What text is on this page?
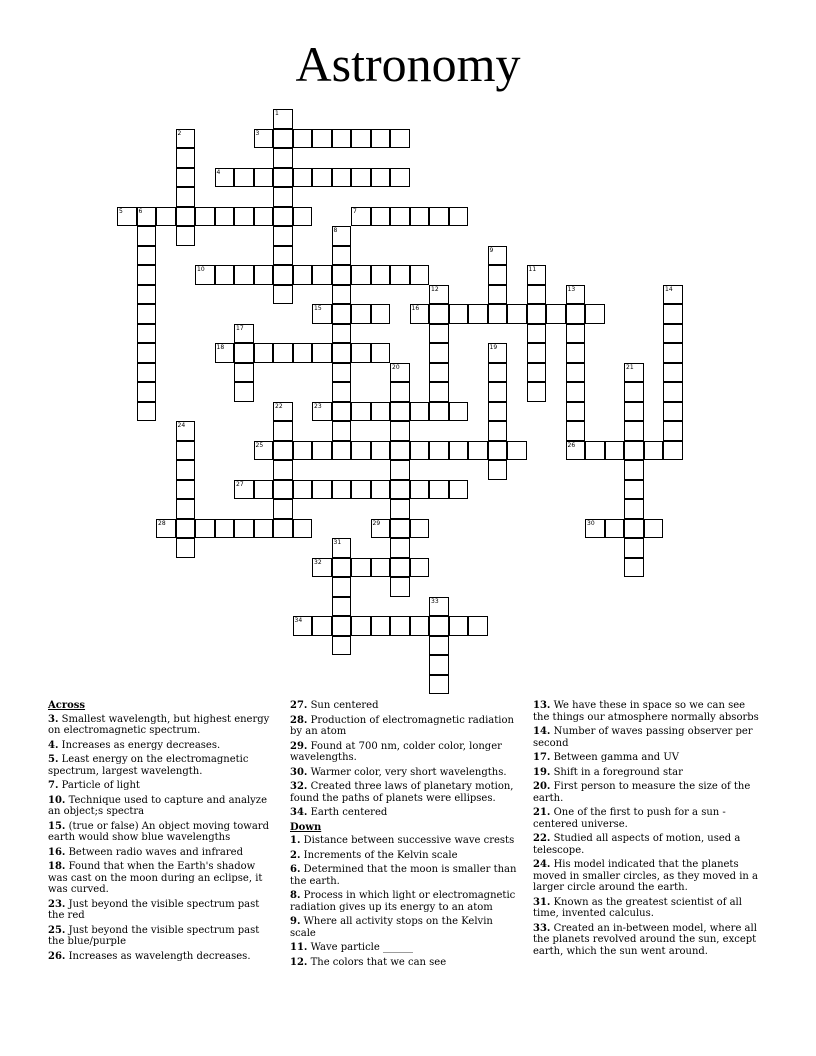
Astronomy
1
2	3
4
5	6	7
8
9
10	11
12	13	14
15	16
17
18	19
20	21
22	23
24
25	26
27
28	29	30
31
32
33
34
Across

3. Smallest wavelength, but highest energy on electromagnetic spectrum.

4. Increases as energy decreases.

5. Least energy on the electromagnetic spectrum, largest wavelength.

7. Particle of light

10. Technique used to capture and analyze an object;s spectra

15. (true or false) An object moving toward earth would show blue wavelengths

16. Between radio waves and infrared

18. Found that when the Earth's shadow was cast on the moon during an eclipse, it was curved.

23. Just beyond the visible spectrum past the red

25. Just beyond the visible spectrum past the blue/purple

26. Increases as wavelength decreases.

27. Sun centered

28. Production of electromagnetic radiation by an atom

29. Found at 700 nm, colder color, longer wavelengths.

30. Warmer color, very short wavelengths.

32. Created three laws of planetary motion, found the paths of planets were ellipses.

34. Earth centered

Down

1. Distance between successive wave crests

2. Increments of the Kelvin scale

6. Determined that the moon is smaller than the earth.

8. Process in which light or electromagnetic radiation gives up its energy to an atom

9. Where all activity stops on the Kelvin scale

11. Wave particle ______

12. The colors that we can see

13. We have these in space so we can see the things our atmosphere normally absorbs

14. Number of waves passing observer per second

17. Between gamma and UV

19. Shift in a foreground star

20. First person to measure the size of the earth.

21. One of the first to push for a sun -centered universe.

22. Studied all aspects of motion, used a telescope.

24. His model indicated that the planets moved in smaller circles, as they moved in a larger circle around the earth.

31. Known as the greatest scientist of all time, invented calculus.

33. Created an in-between model, where all the planets revolved around the sun, except earth, which the sun went around.
